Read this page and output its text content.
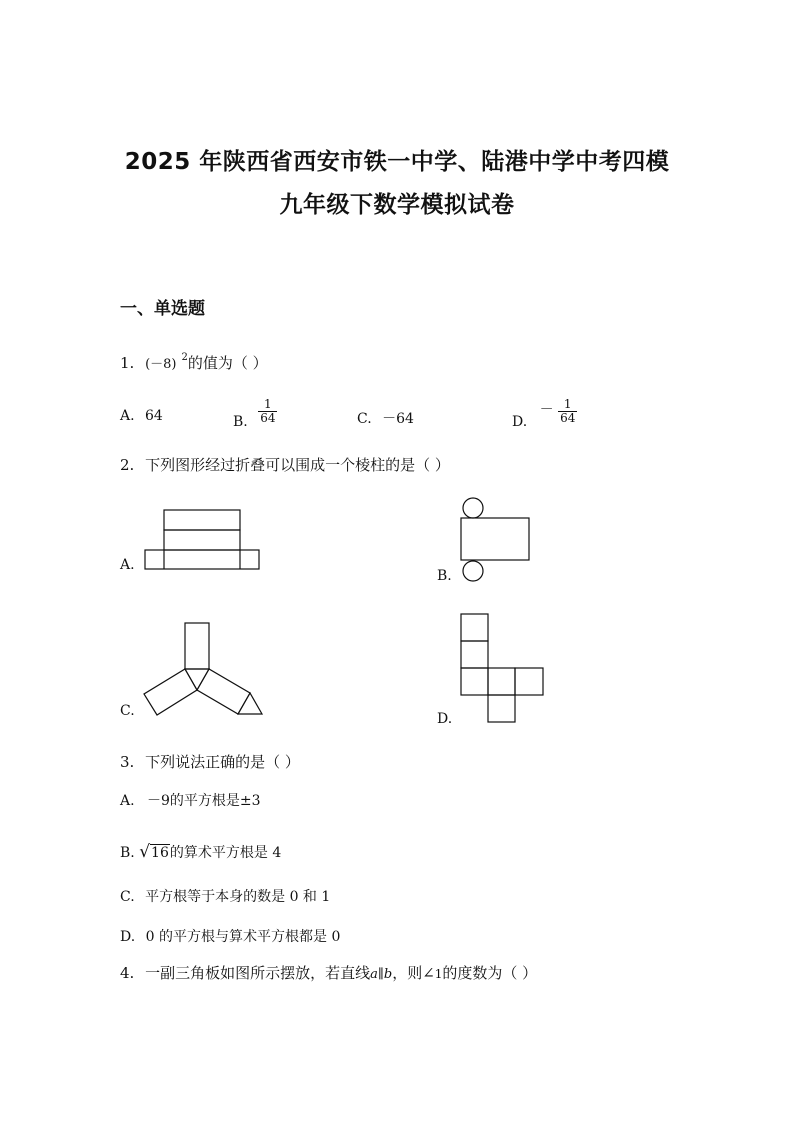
2025 年陕西省西安市铁一中学、陆港中学中考四模
九年级下数学模拟试卷
一、单选题
1. (－8) $^2$的值为（ ）
A. 64	B. $\frac{1}{64}$	C. －64	D. － $\frac{1}{64}$
2. 下列图形经过折叠可以围成一个棱柱的是（ ）
A.
B.
C.	D.
3. 下列说法正确的是（ ）
A. －9的平方根是±3
B. √16的算术平方根是 4
C. 平方根等于本身的数是 0 和 1
D. 0 的平方根与算术平方根都是 0
4. 一副三角板如图所示摆放，若直线a∥b，则∠1的度数为（ ）
